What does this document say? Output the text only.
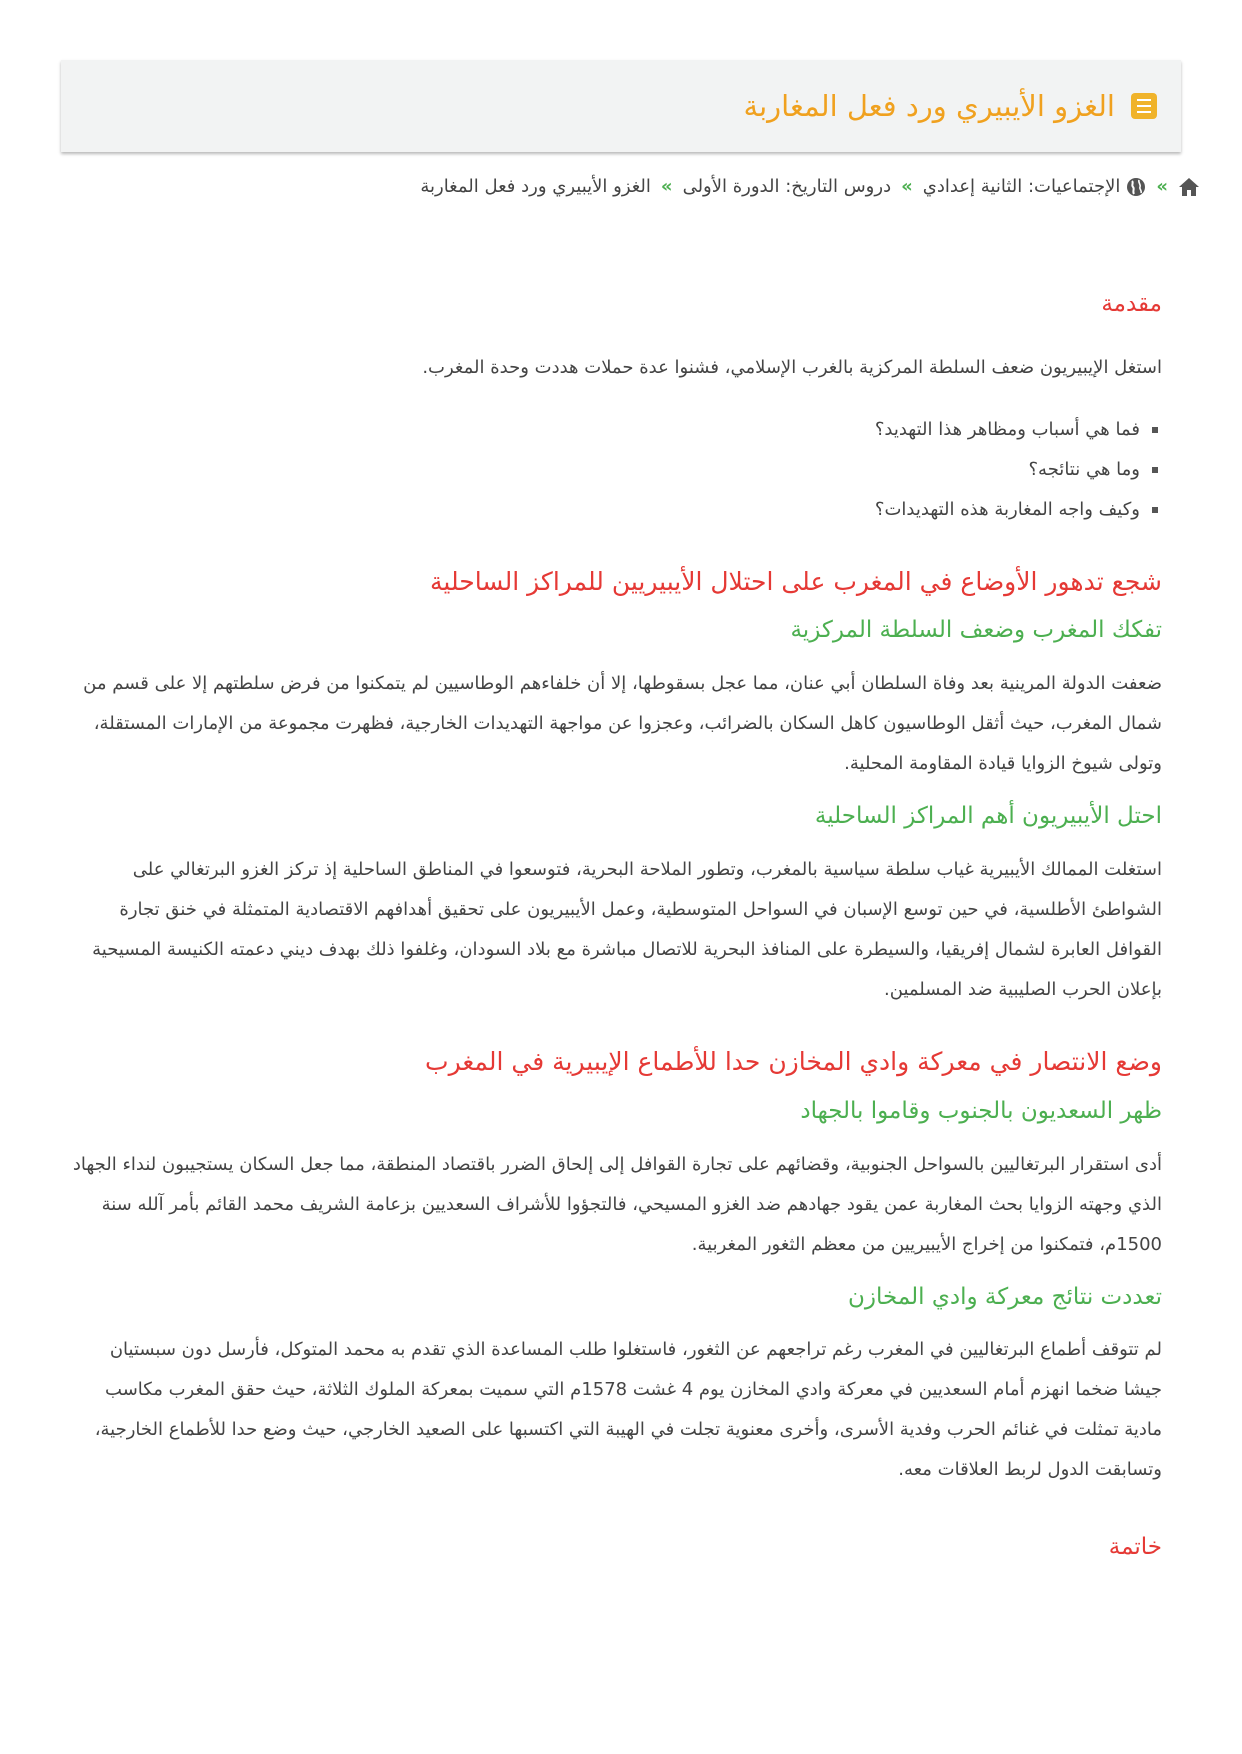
الغزو الأيبيري ورد فعل المغاربة
»
الإجتماعيات: الثانية إعدادي
»
دروس التاريخ: الدورة الأولى
»
الغزو الأيبيري ورد فعل المغاربة
مقدمة

استغل الإيبيريون ضعف السلطة المركزية بالغرب الإسلامي، فشنوا عدة حملات هددت وحدة المغرب.

فما هي أسباب ومظاهر هذا التهديد؟
وما هي نتائجه؟
وكيف واجه المغاربة هذه التهديدات؟
شجع تدهور الأوضاع في المغرب على احتلال الأيبيريين للمراكز الساحلية
تفكك المغرب وضعف السلطة المركزية

ضعفت الدولة المرينية بعد وفاة السلطان أبي عنان، مما عجل بسقوطها، إلا أن خلفاءهم الوطاسيين لم يتمكنوا من فرض سلطتهم إلا على قسم من شمال المغرب، حيث أثقل الوطاسيون كاهل السكان بالضرائب، وعجزوا عن مواجهة التهديدات الخارجية، فظهرت مجموعة من الإمارات المستقلة، وتولى شيوخ الزوايا قيادة المقاومة المحلية.

احتل الأيبيريون أهم المراكز الساحلية

استغلت الممالك الأيبيرية غياب سلطة سياسية بالمغرب، وتطور الملاحة البحرية، فتوسعوا في المناطق الساحلية إذ تركز الغزو البرتغالي على الشواطئ الأطلسية، في حين توسع الإسبان في السواحل المتوسطية، وعمل الأيبيريون على تحقيق أهدافهم الاقتصادية المتمثلة في خنق تجارة القوافل العابرة لشمال إفريقيا، والسيطرة على المنافذ البحرية للاتصال مباشرة مع بلاد السودان، وغلفوا ذلك بهدف ديني دعمته الكنيسة المسيحية بإعلان الحرب الصليبية ضد المسلمين.

وضع الانتصار في معركة وادي المخازن حدا للأطماع الإيبيرية في المغرب
ظهر السعديون بالجنوب وقاموا بالجهاد

أدى استقرار البرتغاليين بالسواحل الجنوبية، وقضائهم على تجارة القوافل إلى إلحاق الضرر باقتصاد المنطقة، مما جعل السكان يستجيبون لنداء الجهاد الذي وجهته الزوايا بحث المغاربة عمن يقود جهادهم ضد الغزو المسيحي، فالتجؤوا للأشراف السعديين بزعامة الشريف محمد القائم بأمر آلله سنة 1500م، فتمكنوا من إخراج الأيبيريين من معظم الثغور المغربية.

تعددت نتائج معركة وادي المخازن

لم تتوقف أطماع البرتغاليين في المغرب رغم تراجعهم عن الثغور، فاستغلوا طلب المساعدة الذي تقدم به محمد المتوكل، فأرسل دون سبستيان جيشا ضخما انهزم أمام السعديين في معركة وادي المخازن يوم 4 غشت 1578م التي سميت بمعركة الملوك الثلاثة، حيث حقق المغرب مكاسب مادية تمثلت في غنائم الحرب وفدية الأسرى، وأخرى معنوية تجلت في الهيبة التي اكتسبها على الصعيد الخارجي، حيث وضع حدا للأطماع الخارجية، وتسابقت الدول لربط العلاقات معه.

خاتمة
